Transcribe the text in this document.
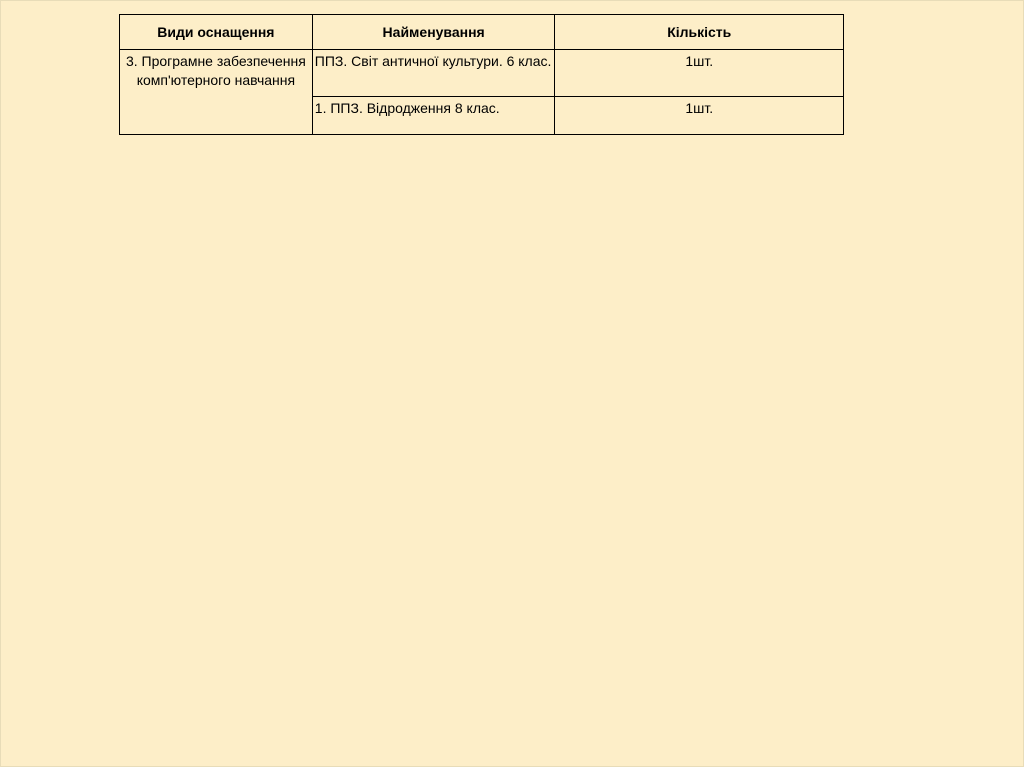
Види оснащення	Найменування	Кількість
3. Програмне забезпечення комп'ютерного навчання	ППЗ. Світ античної культури. 6 клас.	1шт.
	1. ППЗ. Відродження 8 клас.	1шт.
